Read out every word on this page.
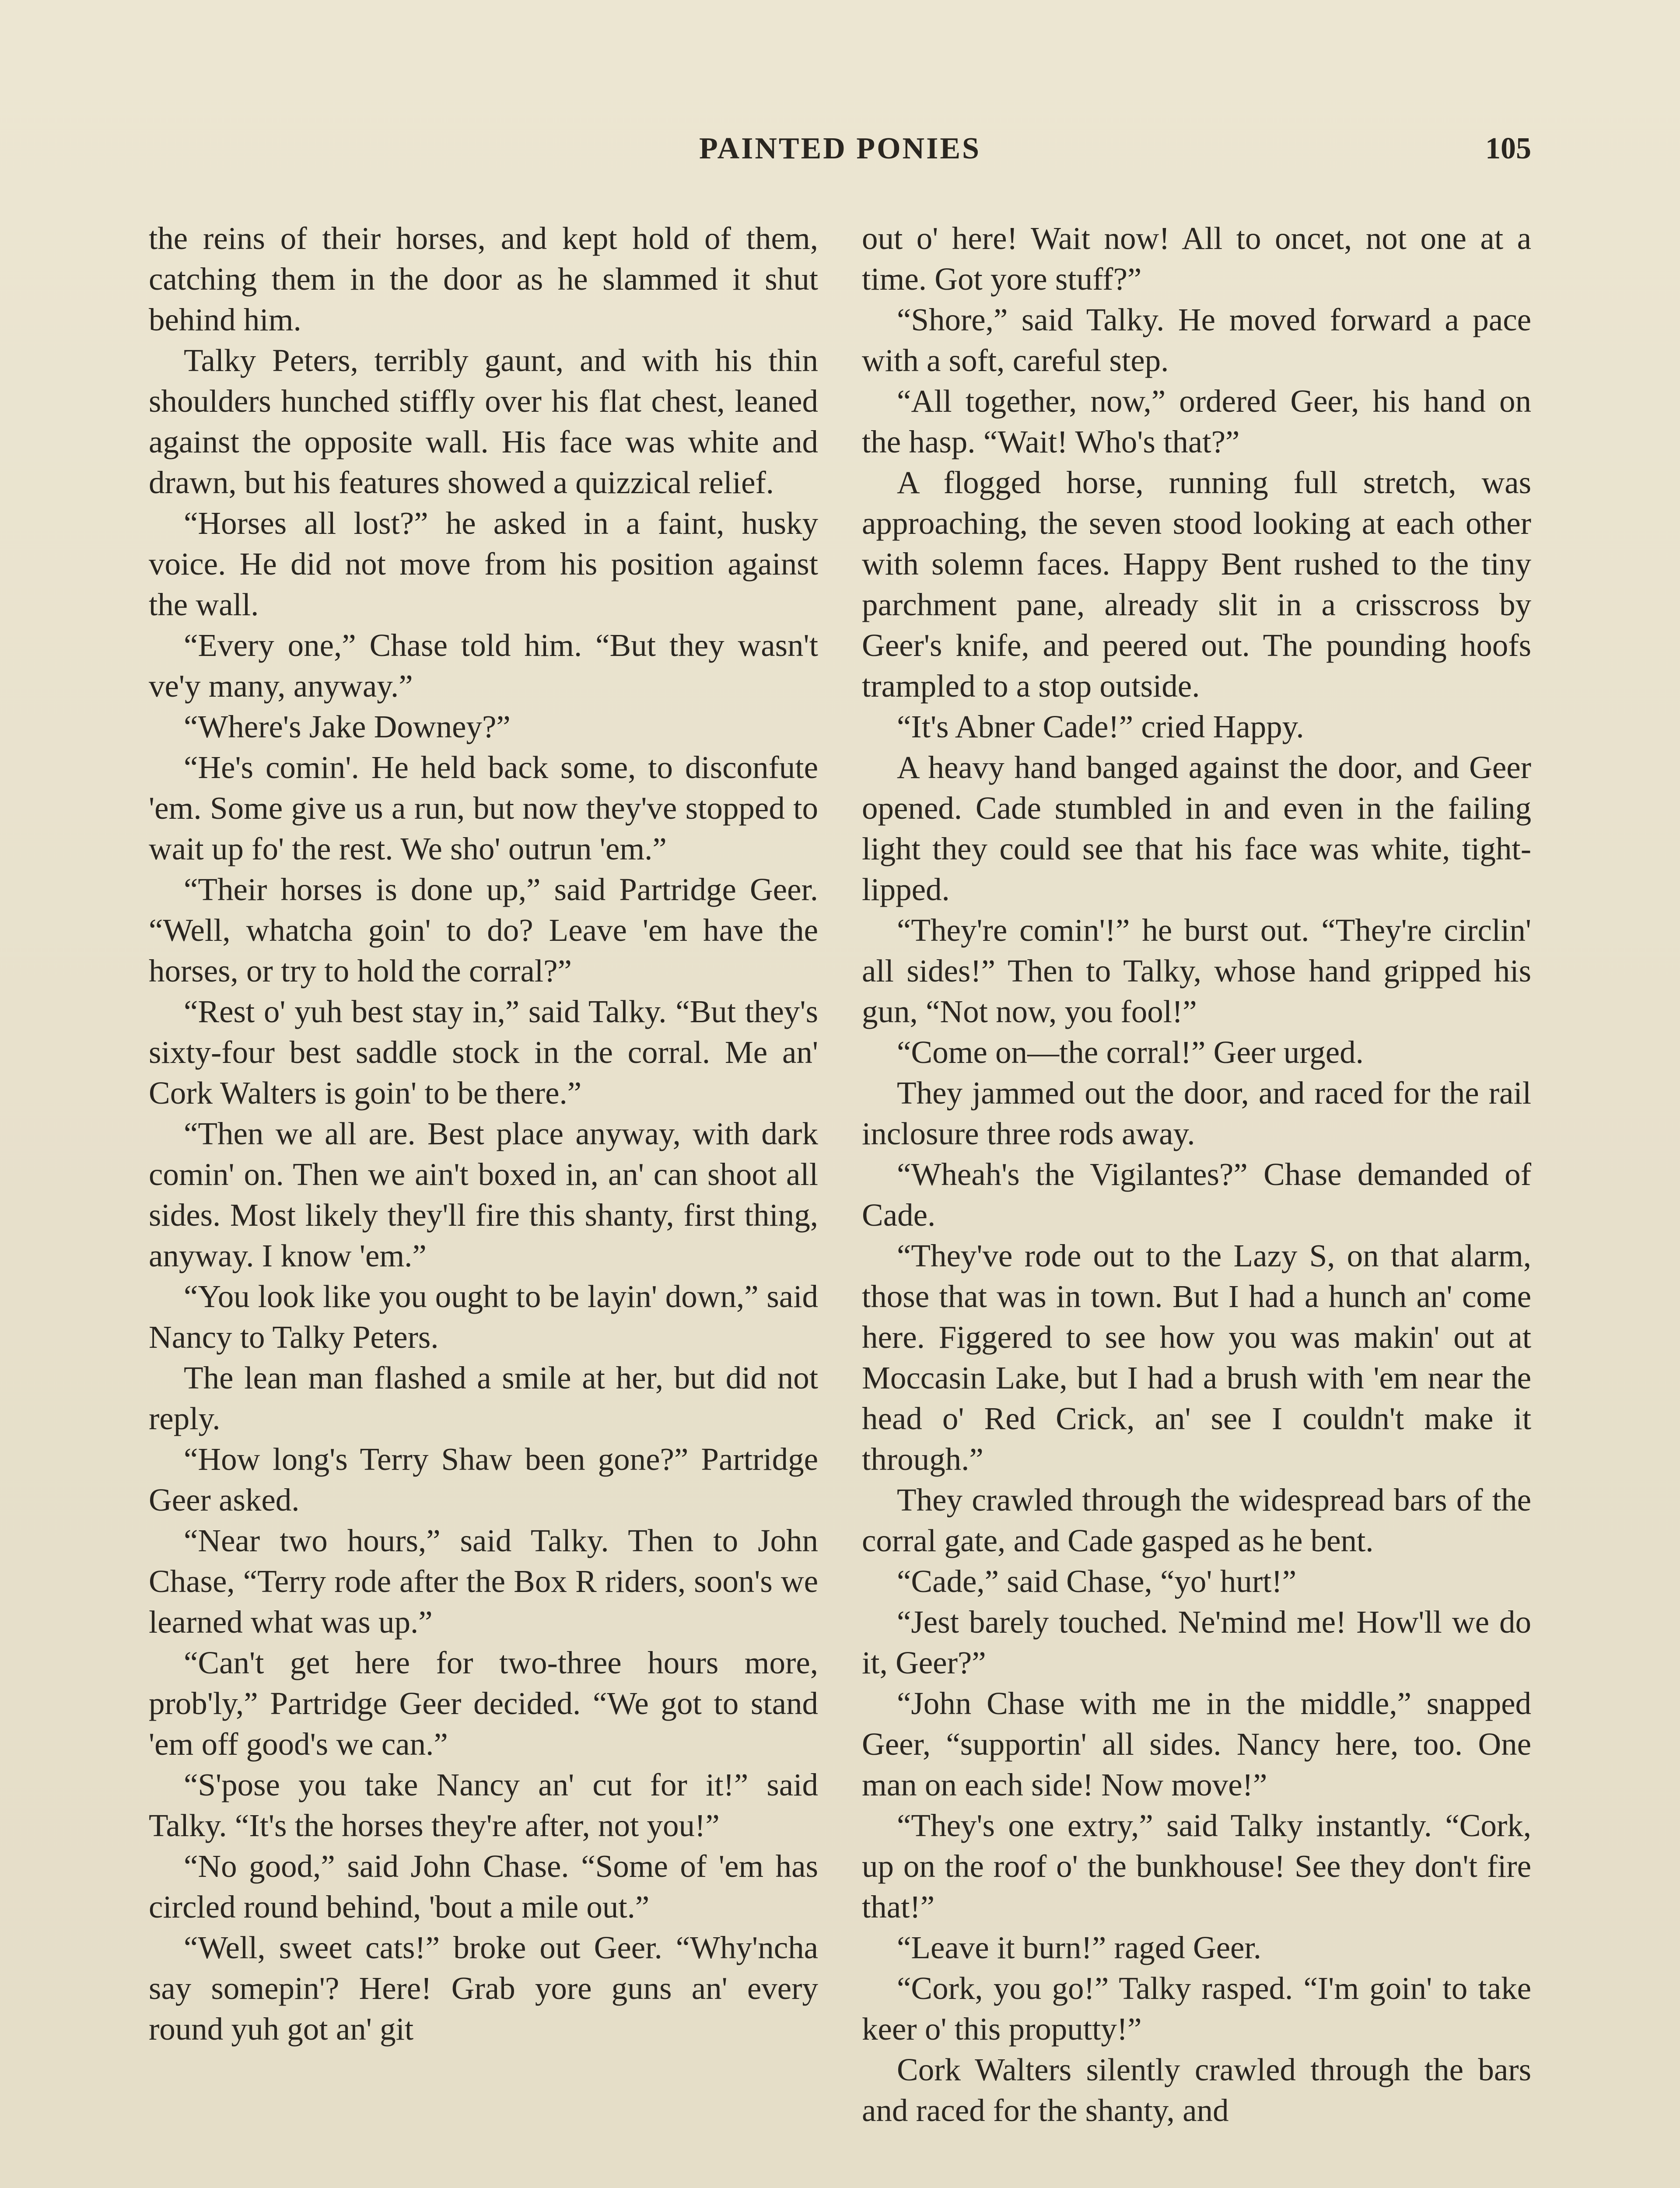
PAINTED PONIES	105

the reins of their horses, and kept hold of them, catching them in the door as he slammed it shut behind him.

Talky Peters, terribly gaunt, and with his thin shoulders hunched stiffly over his flat chest, leaned against the opposite wall. His face was white and drawn, but his features showed a quizzical relief.

“Horses all lost?” he asked in a faint, husky voice. He did not move from his position against the wall.

“Every one,” Chase told him. “But they wasn't ve'y many, anyway.”

“Where's Jake Downey?”

“He's comin'. He held back some, to disconfute 'em. Some give us a run, but now they've stopped to wait up fo' the rest. We sho' outrun 'em.”

“Their horses is done up,” said Partridge Geer. “Well, whatcha goin' to do? Leave 'em have the horses, or try to hold the corral?”

“Rest o' yuh best stay in,” said Talky. “But they's sixty-four best saddle stock in the corral. Me an' Cork Walters is goin' to be there.”

“Then we all are. Best place anyway, with dark comin' on. Then we ain't boxed in, an' can shoot all sides. Most likely they'll fire this shanty, first thing, anyway. I know 'em.”

“You look like you ought to be layin' down,” said Nancy to Talky Peters.

The lean man flashed a smile at her, but did not reply.

“How long's Terry Shaw been gone?” Partridge Geer asked.

“Near two hours,” said Talky. Then to John Chase, “Terry rode after the Box R riders, soon's we learned what was up.”

“Can't get here for two-three hours more, prob'ly,” Partridge Geer decided. “We got to stand 'em off good's we can.”

“S'pose you take Nancy an' cut for it!” said Talky. “It's the horses they're after, not you!”

“No good,” said John Chase. “Some of 'em has circled round behind, 'bout a mile out.”

“Well, sweet cats!” broke out Geer. “Why'ncha say somepin'? Here! Grab yore guns an' every round yuh got an' git

out o' here! Wait now! All to oncet, not one at a time. Got yore stuff?”

“Shore,” said Talky. He moved forward a pace with a soft, careful step.

“All together, now,” ordered Geer, his hand on the hasp. “Wait! Who's that?”

A flogged horse, running full stretch, was approaching, the seven stood looking at each other with solemn faces. Happy Bent rushed to the tiny parchment pane, already slit in a crisscross by Geer's knife, and peered out. The pounding hoofs trampled to a stop outside.

“It's Abner Cade!” cried Happy.

A heavy hand banged against the door, and Geer opened. Cade stumbled in and even in the failing light they could see that his face was white, tight-lipped.

“They're comin'!” he burst out. “They're circlin' all sides!” Then to Talky, whose hand gripped his gun, “Not now, you fool!”

“Come on—the corral!” Geer urged.

They jammed out the door, and raced for the rail inclosure three rods away.

“Wheah's the Vigilantes?” Chase demanded of Cade.

“They've rode out to the Lazy S, on that alarm, those that was in town. But I had a hunch an' come here. Figgered to see how you was makin' out at Moccasin Lake, but I had a brush with 'em near the head o' Red Crick, an' see I couldn't make it through.”

They crawled through the widespread bars of the corral gate, and Cade gasped as he bent.

“Cade,” said Chase, “yo' hurt!”

“Jest barely touched. Ne'mind me! How'll we do it, Geer?”

“John Chase with me in the middle,” snapped Geer, “supportin' all sides. Nancy here, too. One man on each side! Now move!”

“They's one extry,” said Talky instantly. “Cork, up on the roof o' the bunkhouse! See they don't fire that!”

“Leave it burn!” raged Geer.

“Cork, you go!” Talky rasped. “I'm goin' to take keer o' this proputty!”

Cork Walters silently crawled through the bars and raced for the shanty, and
